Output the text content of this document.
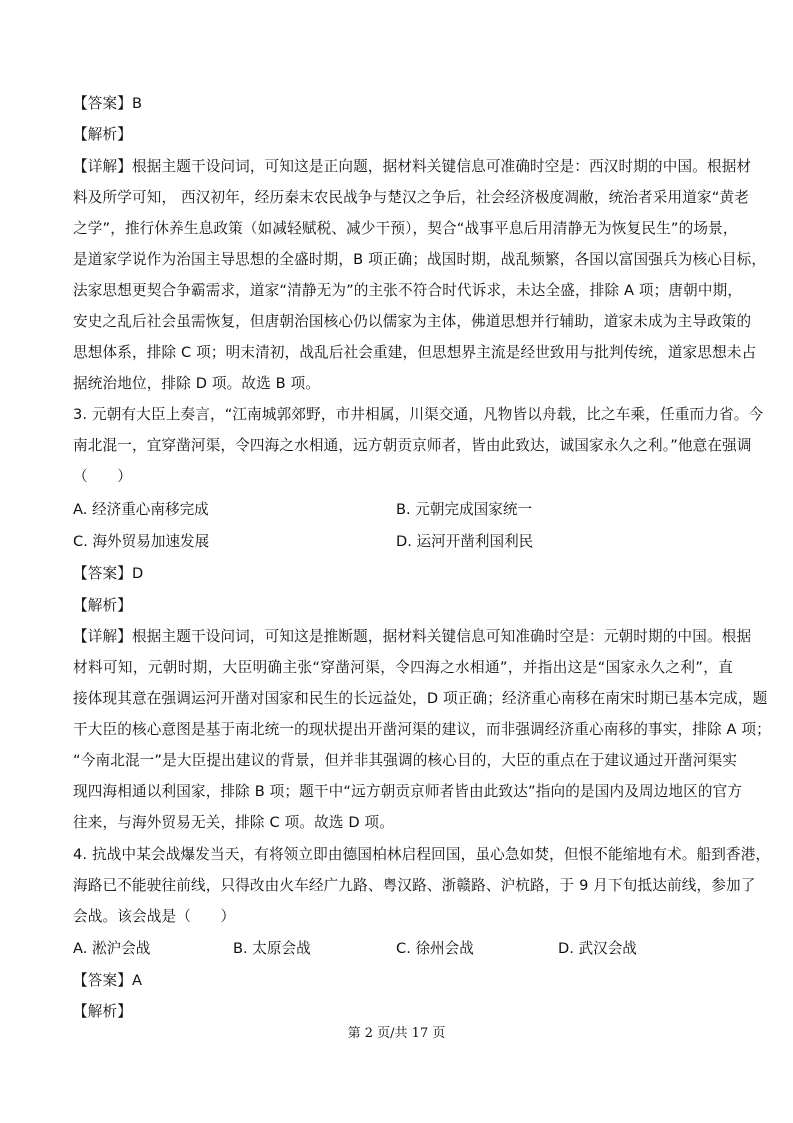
【答案】B
【解析】
【详解】根据主题干设问词，可知这是正向题，据材料关键信息可准确时空是：西汉时期的中国。根据材
料及所学可知， 西汉初年，经历秦末农民战争与楚汉之争后，社会经济极度凋敝，统治者采用道家“黄老
之学”，推行休养生息政策（如减轻赋税、减少干预），契合“战事平息后用清静无为恢复民生”的场景，
是道家学说作为治国主导思想的全盛时期，B 项正确；战国时期，战乱频繁，各国以富国强兵为核心目标，
法家思想更契合争霸需求，道家“清静无为”的主张不符合时代诉求，未达全盛，排除 A 项；唐朝中期，
安史之乱后社会虽需恢复，但唐朝治国核心仍以儒家为主体，佛道思想并行辅助，道家未成为主导政策的
思想体系，排除 C 项；明末清初，战乱后社会重建，但思想界主流是经世致用与批判传统，道家思想未占
据统治地位，排除 D 项。故选 B 项。
3. 元朝有大臣上奏言，“江南城郭郊野，市井相属，川渠交通，凡物皆以舟载，比之车乘，任重而力省。今
南北混一，宜穿凿河渠，令四海之水相通，远方朝贡京师者，皆由此致达，诚国家永久之利。”他意在强调
（　　）
A. 经济重心南移完成	B. 元朝完成国家统一
C. 海外贸易加速发展	D. 运河开凿利国利民
【答案】D
【解析】
【详解】根据主题干设问词，可知这是推断题，据材料关键信息可知准确时空是：元朝时期的中国。根据
材料可知，元朝时期，大臣明确主张“穿凿河渠，令四海之水相通”，并指出这是“国家永久之利”，直
接体现其意在强调运河开凿对国家和民生的长远益处，D 项正确；经济重心南移在南宋时期已基本完成，题
干大臣的核心意图是基于南北统一的现状提出开凿河渠的建议，而非强调经济重心南移的事实，排除 A 项；
“今南北混一”是大臣提出建议的背景，但并非其强调的核心目的，大臣的重点在于建议通过开凿河渠实
现四海相通以利国家，排除 B 项；题干中“远方朝贡京师者皆由此致达”指向的是国内及周边地区的官方
往来，与海外贸易无关，排除 C 项。故选 D 项。
4. 抗战中某会战爆发当天，有将领立即由德国柏林启程回国，虽心急如焚，但恨不能缩地有术。船到香港，
海路已不能驶往前线，只得改由火车经广九路、粤汉路、浙赣路、沪杭路，于 9 月下旬抵达前线，参加了
会战。该会战是（　　）
A. 淞沪会战	B. 太原会战	C. 徐州会战	D. 武汉会战
【答案】A
【解析】
第 2 页/共 17 页
